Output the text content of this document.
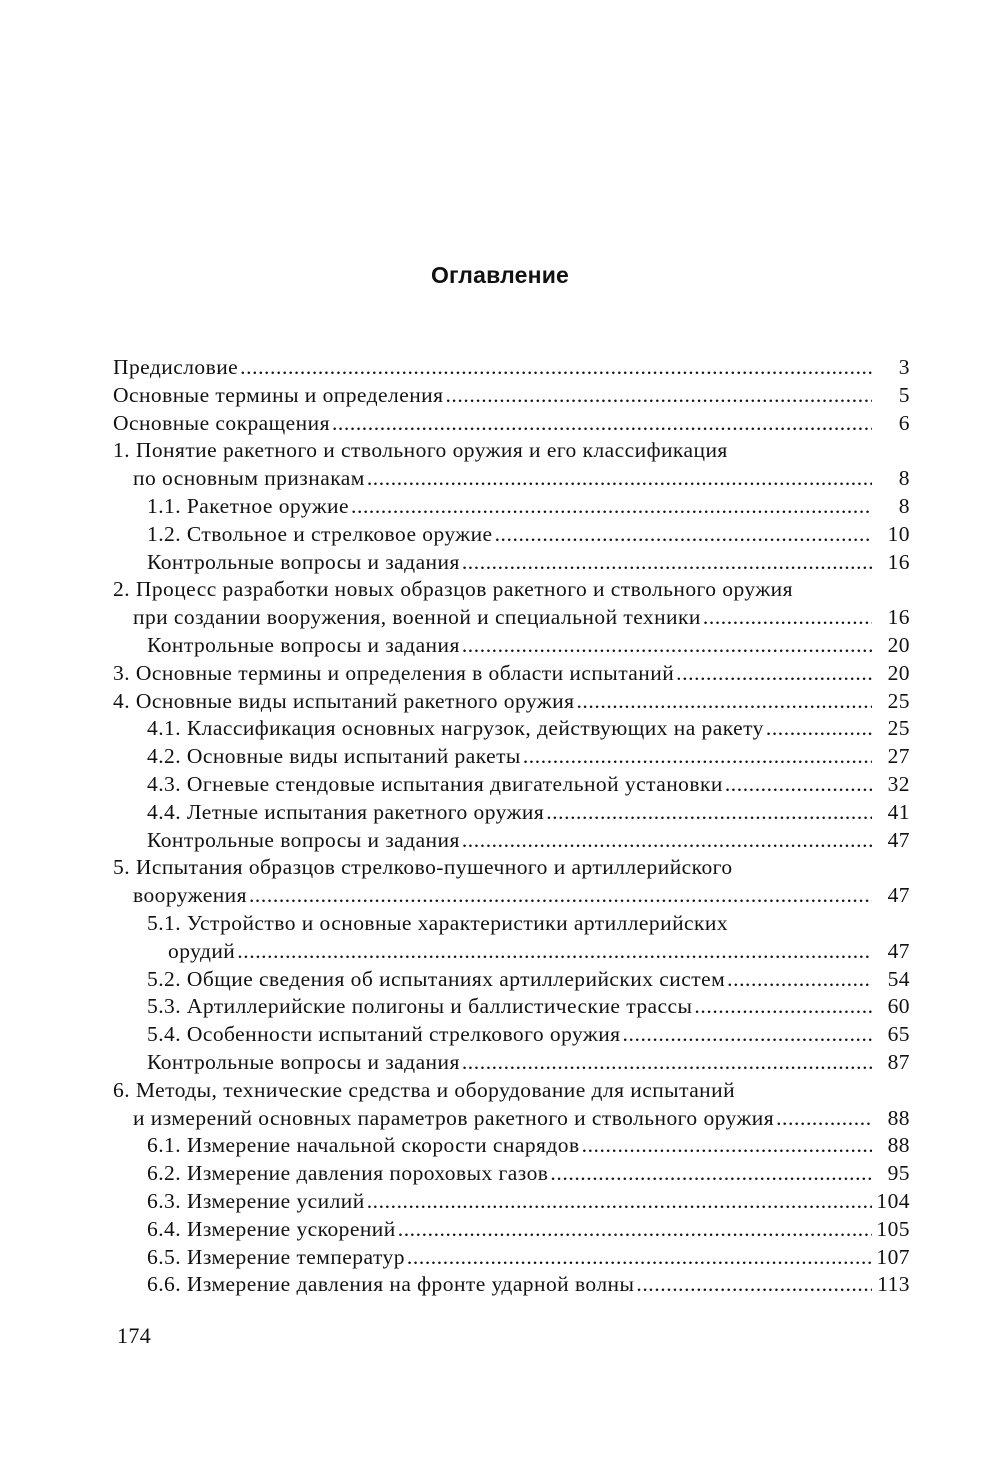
Оглавление
Предисловие .....	3
Основные термины и определения .....	5
Основные сокращения .....	6
1. Понятие ракетного и ствольного оружия и его классификация
по основным признакам .....	8
1.1. Ракетное оружие .....	8
1.2. Ствольное и стрелковое оружие .....	10
Контрольные вопросы и задания .....	16
2. Процесс разработки новых образцов ракетного и ствольного оружия
при создании вооружения, военной и специальной техники .....	16
Контрольные вопросы и задания .....	20
3. Основные термины и определения в области испытаний .....	20
4. Основные виды испытаний ракетного оружия .....	25
4.1. Классификация основных нагрузок, действующих на ракету .....	25
4.2. Основные виды испытаний ракеты .....	27
4.3. Огневые стендовые испытания двигательной установки .....	32
4.4. Летные испытания ракетного оружия .....	41
Контрольные вопросы и задания .....	47
5. Испытания образцов стрелково-пушечного и артиллерийского
вооружения .....	47
5.1. Устройство и основные характеристики артиллерийских
орудий .....	47
5.2. Общие сведения об испытаниях артиллерийских систем .....	54
5.3. Артиллерийские полигоны и баллистические трассы .....	60
5.4. Особенности испытаний стрелкового оружия .....	65
Контрольные вопросы и задания .....	87
6. Методы, технические средства и оборудование для испытаний
и измерений основных параметров ракетного и ствольного оружия .....	88
6.1. Измерение начальной скорости снарядов .....	88
6.2. Измерение давления пороховых газов .....	95
6.3. Измерение усилий .....	104
6.4. Измерение ускорений .....	105
6.5. Измерение температур .....	107
6.6. Измерение давления на фронте ударной волны .....	113
174
